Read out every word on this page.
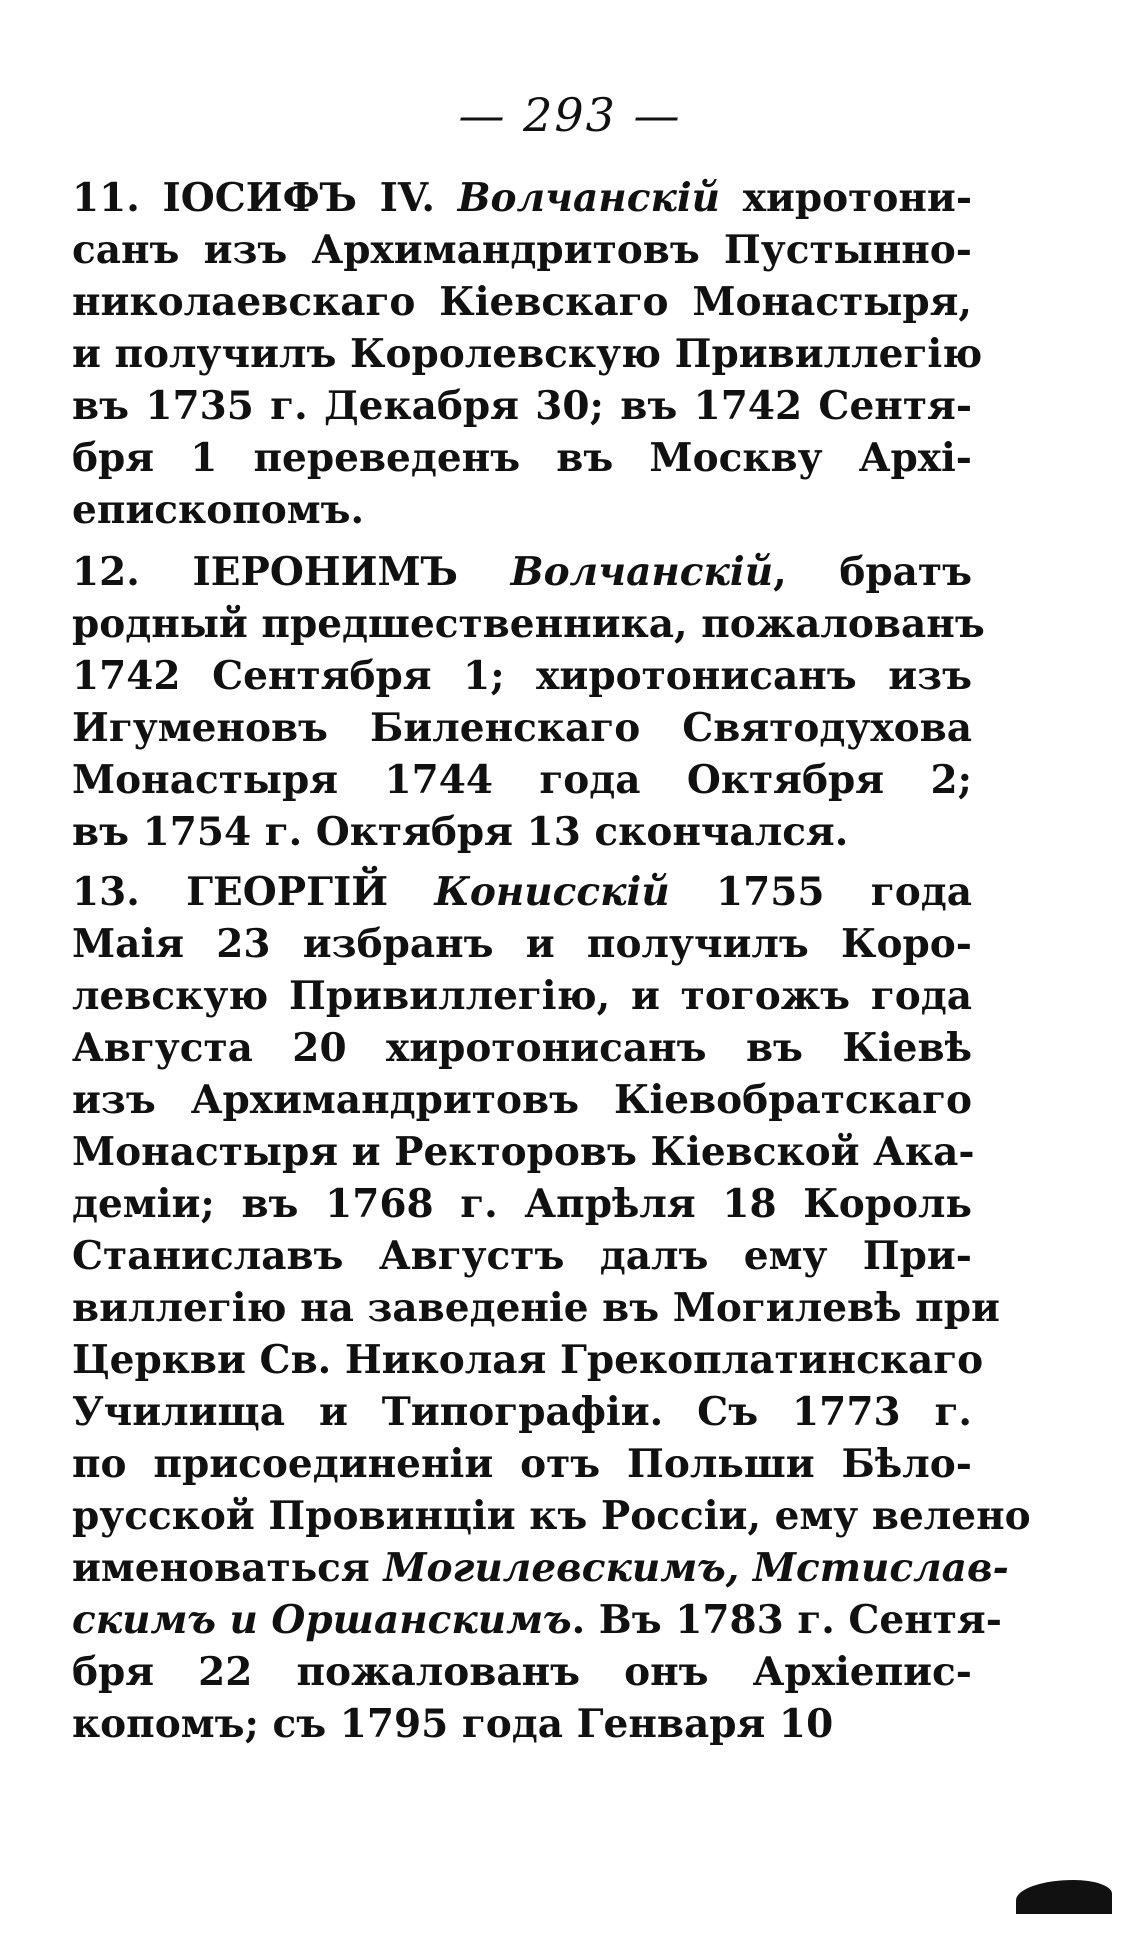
— 293 —
11. ІОСИФЪ IV. Волчанскій хиротони-
санъ изъ Архимандритовъ Пустынно-
николаевскаго Кіевскаго Монастыря,
и получилъ Королевскую Привиллегію
въ 1735 г. Декабря 30; въ 1742 Сентя-
бря 1 переведенъ въ Москву Архі-
епископомъ.
12. ІЕРОНИМЪ Волчанскій, братъ
родный предшественника, пожалованъ
1742 Сентября 1; хиротонисанъ изъ
Игуменовъ Биленскаго Святодухова
Монастыря 1744 года Октября 2;
въ 1754 г. Октября 13 скончался.
13. ГЕОРГІЙ Конисскій 1755 года
Маія 23 избранъ и получилъ Коро-
левскую Привиллегію, и тогожъ года
Августа 20 хиротонисанъ въ Кіевѣ
изъ Архимандритовъ Кіевобратскаго
Монастыря и Ректоровъ Кіевской Ака-
деміи; въ 1768 г. Апрѣля 18 Король
Станиславъ Августъ далъ ему При-
виллегію на заведеніе въ Могилевѣ при
Церкви Св. Николая Грекоплатинскаго
Училища и Типографіи. Съ 1773 г.
по присоединеніи отъ Польши Бѣло-
русской Провинціи къ Россіи, ему велено
именоваться Могилевскимъ, Мстислав-
скимъ и Оршанскимъ. Въ 1783 г. Сентя-
бря 22 пожалованъ онъ Архіепис-
копомъ; съ 1795 года Генваря 10
